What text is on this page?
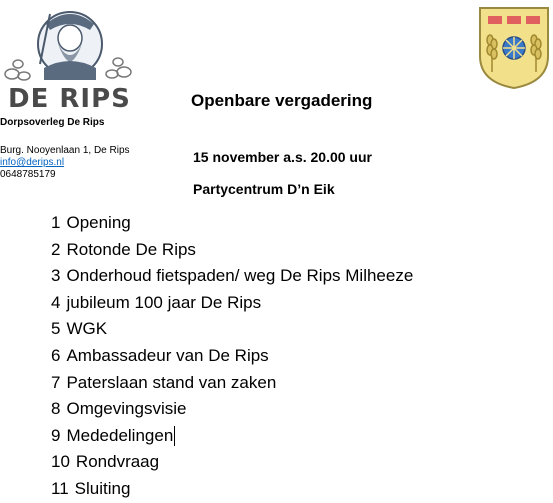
DE RIPS
Dorpsoverleg De Rips
Burg. Nooyenlaan 1, De Rips
info@derips.nl
0648785179
Openbare vergadering
15 november a.s. 20.00 uur
Partycentrum D’n Eik
1 Opening
2 Rotonde De Rips
3 Onderhoud fietspaden/ weg De Rips Milheeze
4 jubileum 100 jaar De Rips
5 WGK
6 Ambassadeur van De Rips
7 Paterslaan stand van zaken
8 Omgevingsvisie
9 Mededelingen
10 Rondvraag
11 Sluiting
